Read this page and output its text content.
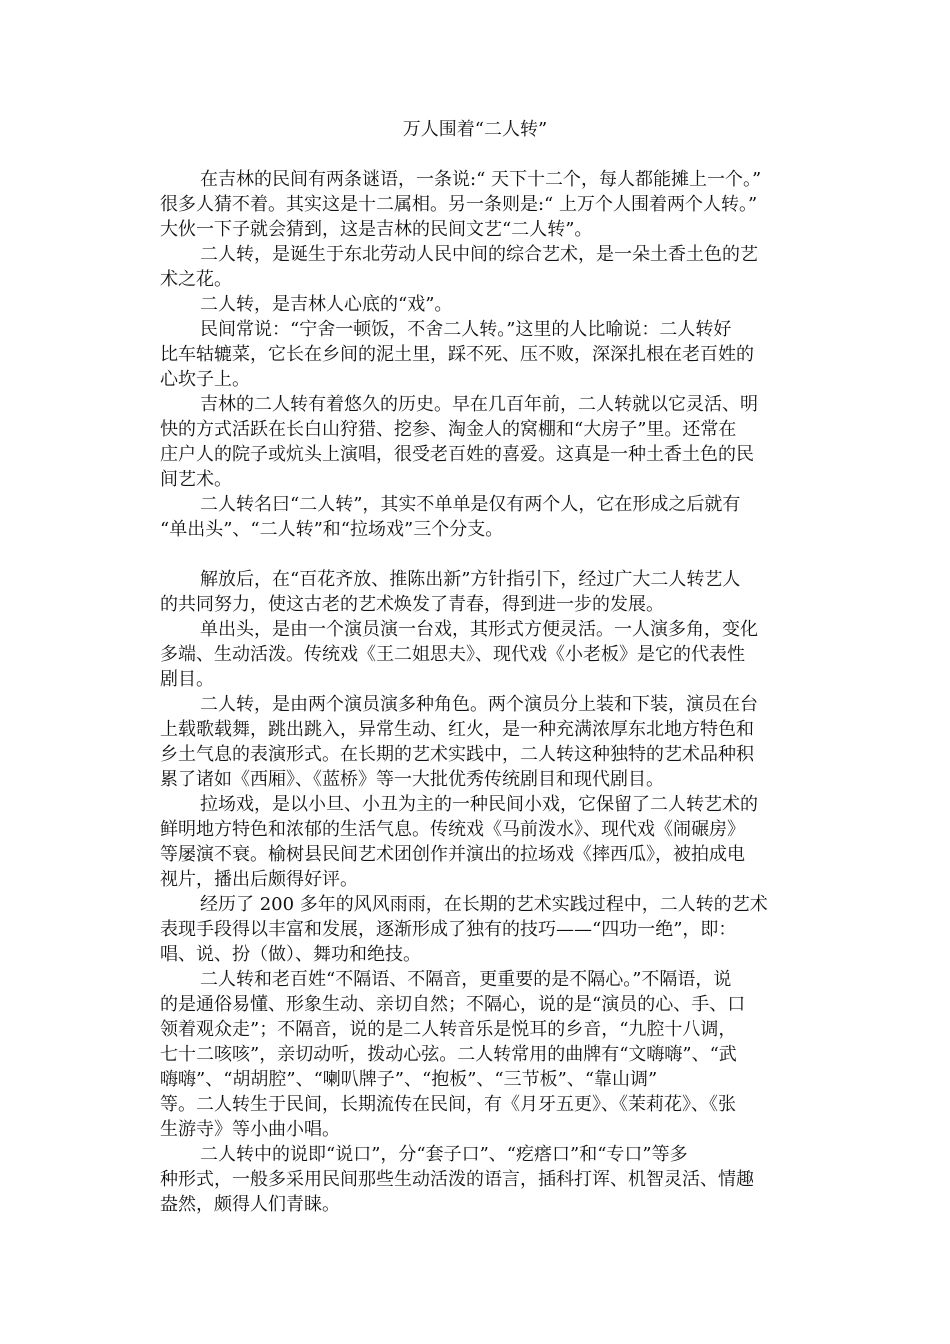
万人围着“二人转”
在吉林的民间有两条谜语，一条说:“ 天下十二个，每人都能摊上一个。”
很多人猜不着。其实这是十二属相。另一条则是:“ 上万个人围着两个人转。”
大伙一下子就会猜到，这是吉林的民间文艺“二人转”。
二人转，是诞生于东北劳动人民中间的综合艺术，是一朵土香土色的艺
术之花。
二人转，是吉林人心底的“戏”。
民间常说：“宁舍一顿饭，不舍二人转。”这里的人比喻说：二人转好
比车轱辘菜，它长在乡间的泥土里，踩不死、压不败，深深扎根在老百姓的
心坎子上。
吉林的二人转有着悠久的历史。早在几百年前，二人转就以它灵活、明
快的方式活跃在长白山狩猎、挖参、淘金人的窝棚和“大房子”里。还常在
庄户人的院子或炕头上演唱，很受老百姓的喜爱。这真是一种土香土色的民
间艺术。
二人转名曰“二人转”，其实不单单是仅有两个人，它在形成之后就有
“单出头”、“二人转”和“拉场戏”三个分支。
解放后，在“百花齐放、推陈出新”方针指引下，经过广大二人转艺人
的共同努力，使这古老的艺术焕发了青春，得到进一步的发展。
单出头，是由一个演员演一台戏，其形式方便灵活。一人演多角，变化
多端、生动活泼。传统戏《王二姐思夫》、现代戏《小老板》是它的代表性
剧目。
二人转，是由两个演员演多种角色。两个演员分上装和下装，演员在台
上载歌载舞，跳出跳入，异常生动、红火，是一种充满浓厚东北地方特色和
乡土气息的表演形式。在长期的艺术实践中，二人转这种独特的艺术品种积
累了诸如《西厢》、《蓝桥》等一大批优秀传统剧目和现代剧目。
拉场戏，是以小旦、小丑为主的一种民间小戏，它保留了二人转艺术的
鲜明地方特色和浓郁的生活气息。传统戏《马前泼水》、现代戏《闹碾房》
等屡演不衰。榆树县民间艺术团创作并演出的拉场戏《摔西瓜》，被拍成电
视片，播出后颇得好评。
经历了 200 多年的风风雨雨，在长期的艺术实践过程中，二人转的艺术
表现手段得以丰富和发展，逐渐形成了独有的技巧——“四功一绝”，即：
唱、说、扮（做）、舞功和绝技。
二人转和老百姓“不隔语、不隔音，更重要的是不隔心。”不隔语，说
的是通俗易懂、形象生动、亲切自然；不隔心，说的是“演员的心、手、口
领着观众走”；不隔音，说的是二人转音乐是悦耳的乡音，“九腔十八调，
七十二咳咳”，亲切动听，拨动心弦。二人转常用的曲牌有“文嗨嗨”、“武
嗨嗨”、“胡胡腔”、“喇叭牌子”、“抱板”、“三节板”、“靠山调”
等。二人转生于民间，长期流传在民间，有《月牙五更》、《茉莉花》、《张
生游寺》等小曲小唱。
二人转中的说即“说口”，分“套子口”、“疙瘩口”和“专口”等多
种形式，一般多采用民间那些生动活泼的语言，插科打诨、机智灵活、情趣
盎然，颇得人们青睐。
